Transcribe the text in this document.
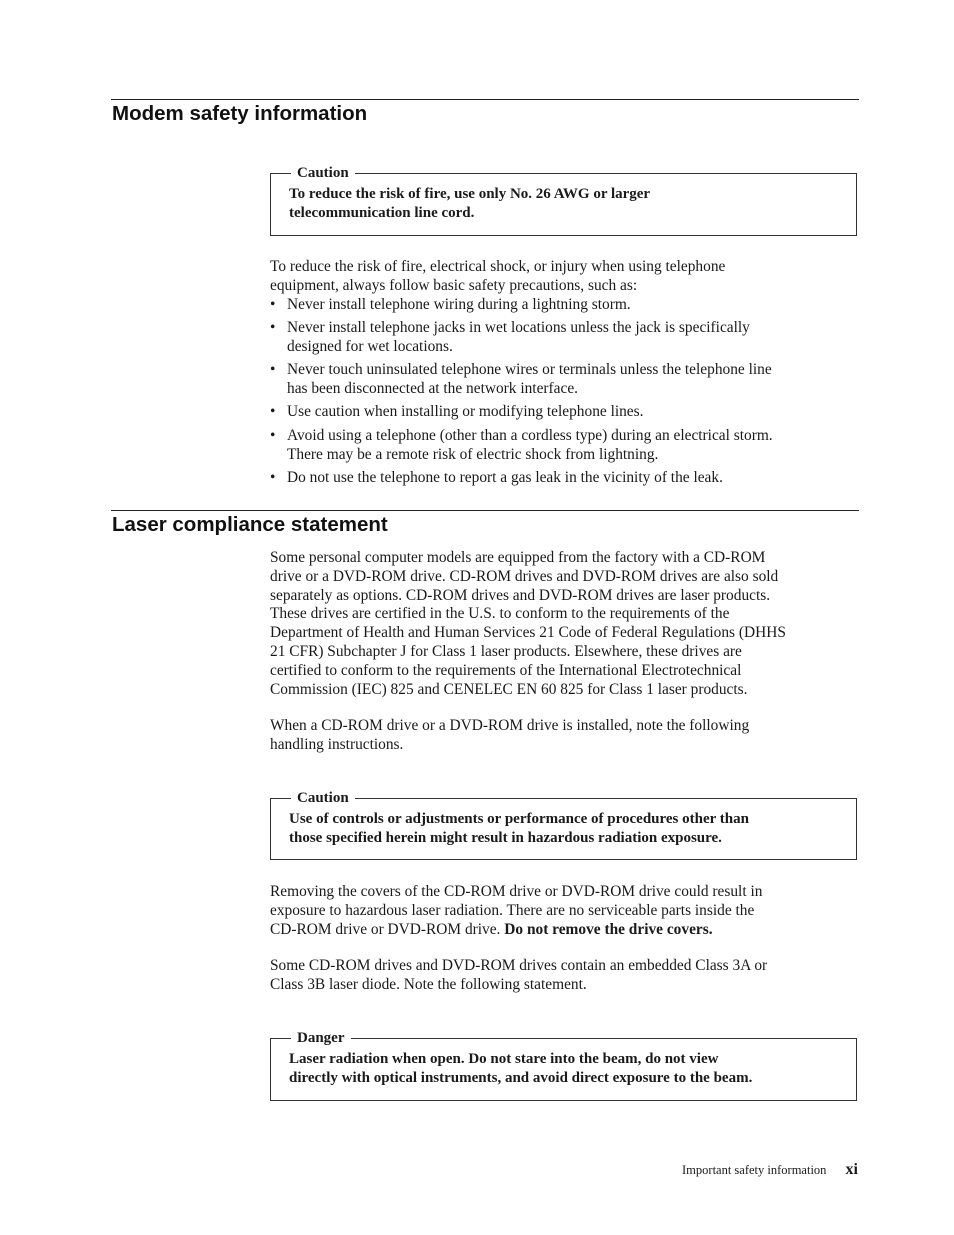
Modem safety information
Caution
To reduce the risk of fire, use only No. 26 AWG or larger
telecommunication line cord.

To reduce the risk of fire, electrical shock, or injury when using telephone
equipment, always follow basic safety precautions, such as:

• Never install telephone wiring during a lightning storm.
• Never install telephone jacks in wet locations unless the jack is specifically
designed for wet locations.
• Never touch uninsulated telephone wires or terminals unless the telephone line
has been disconnected at the network interface.
• Use caution when installing or modifying telephone lines.
• Avoid using a telephone (other than a cordless type) during an electrical storm.
There may be a remote risk of electric shock from lightning.
• Do not use the telephone to report a gas leak in the vicinity of the leak.
Laser compliance statement

Some personal computer models are equipped from the factory with a CD-ROM
drive or a DVD-ROM drive. CD-ROM drives and DVD-ROM drives are also sold
separately as options. CD-ROM drives and DVD-ROM drives are laser products.
These drives are certified in the U.S. to conform to the requirements of the
Department of Health and Human Services 21 Code of Federal Regulations (DHHS
21 CFR) Subchapter J for Class 1 laser products. Elsewhere, these drives are
certified to conform to the requirements of the International Electrotechnical
Commission (IEC) 825 and CENELEC EN 60 825 for Class 1 laser products.

When a CD-ROM drive or a DVD-ROM drive is installed, note the following
handling instructions.

Caution
Use of controls or adjustments or performance of procedures other than
those specified herein might result in hazardous radiation exposure.

Removing the covers of the CD-ROM drive or DVD-ROM drive could result in
exposure to hazardous laser radiation. There are no serviceable parts inside the
CD-ROM drive or DVD-ROM drive. Do not remove the drive covers.

Some CD-ROM drives and DVD-ROM drives contain an embedded Class 3A or
Class 3B laser diode. Note the following statement.

Danger
Laser radiation when open. Do not stare into the beam, do not view
directly with optical instruments, and avoid direct exposure to the beam.
Important safety information xi
